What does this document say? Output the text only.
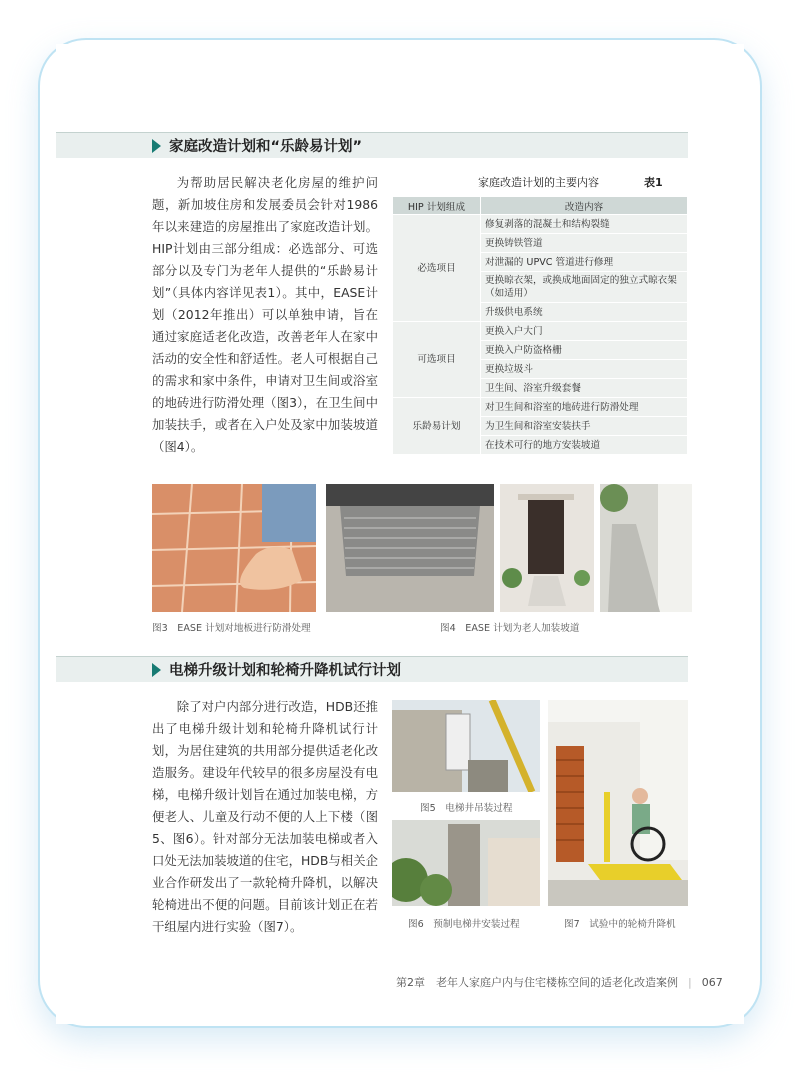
家庭改造计划和“乐龄易计划”

为帮助居民解决老化房屋的维护问题，新加坡住房和发展委员会针对1986年以来建造的房屋推出了家庭改造计划。HIP计划由三部分组成：必选部分、可选部分以及专门为老年人提供的“乐龄易计划”（具体内容详见表1）。其中，EASE计划（2012年推出）可以单独申请，旨在通过家庭适老化改造，改善老年人在家中活动的安全性和舒适性。老人可根据自己的需求和家中条件，申请对卫生间或浴室的地砖进行防滑处理（图3），在卫生间中加装扶手，或者在入户处及家中加装坡道（图4）。

家庭改造计划的主要内容	表1
HIP 计划组成	改造内容
必选项目	修复剥落的混凝土和结构裂缝
	更换铸铁管道
	对泄漏的 UPVC 管道进行修理
	更换晾衣架，或换成地面固定的独立式晾衣架（如适用）
	升级供电系统
可选项目	更换入户大门
	更换入户防盗格栅
	更换垃圾斗
	卫生间、浴室升级套餐
乐龄易计划	对卫生间和浴室的地砖进行防滑处理
	为卫生间和浴室安装扶手
	在技术可行的地方安装坡道
图3　EASE 计划对地板进行防滑处理	图4　EASE 计划为老人加装坡道
电梯升级计划和轮椅升降机试行计划

除了对户内部分进行改造，HDB还推出了电梯升级计划和轮椅升降机试行计划，为居住建筑的共用部分提供适老化改造服务。建设年代较早的很多房屋没有电梯，电梯升级计划旨在通过加装电梯，方便老人、儿童及行动不便的人上下楼（图5、图6）。针对部分无法加装电梯或者入口处无法加装坡道的住宅，HDB与相关企业合作研发出了一款轮椅升降机，以解决轮椅进出不便的问题。目前该计划正在若干组屋内进行实验（图7）。

图5　电梯井吊装过程
图6　预制电梯井安装过程	图7　试验中的轮椅升降机
第2章　老年人家庭户内与住宅楼栋空间的适老化改造案例 | 067
